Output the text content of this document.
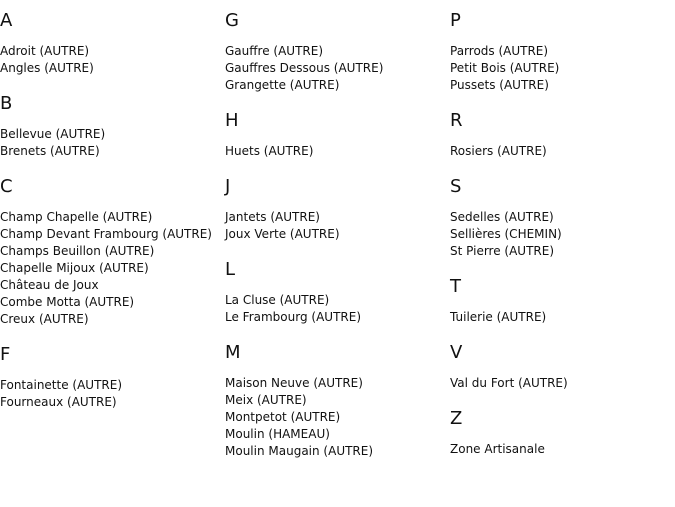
A
Adroit (AUTRE)
Angles (AUTRE)
B
Bellevue (AUTRE)
Brenets (AUTRE)
C
Champ Chapelle (AUTRE)
Champ Devant Frambourg (AUTRE)
Champs Beuillon (AUTRE)
Chapelle Mijoux (AUTRE)
Château de Joux
Combe Motta (AUTRE)
Creux (AUTRE)
F
Fontainette (AUTRE)
Fourneaux (AUTRE)
G
Gauffre (AUTRE)
Gauffres Dessous (AUTRE)
Grangette (AUTRE)
H
Huets (AUTRE)
J
Jantets (AUTRE)
Joux Verte (AUTRE)
L
La Cluse (AUTRE)
Le Frambourg (AUTRE)
M
Maison Neuve (AUTRE)
Meix (AUTRE)
Montpetot (AUTRE)
Moulin (HAMEAU)
Moulin Maugain (AUTRE)
P
Parrods (AUTRE)
Petit Bois (AUTRE)
Pussets (AUTRE)
R
Rosiers (AUTRE)
S
Sedelles (AUTRE)
Sellières (CHEMIN)
St Pierre (AUTRE)
T
Tuilerie (AUTRE)
V
Val du Fort (AUTRE)
Z
Zone Artisanale
